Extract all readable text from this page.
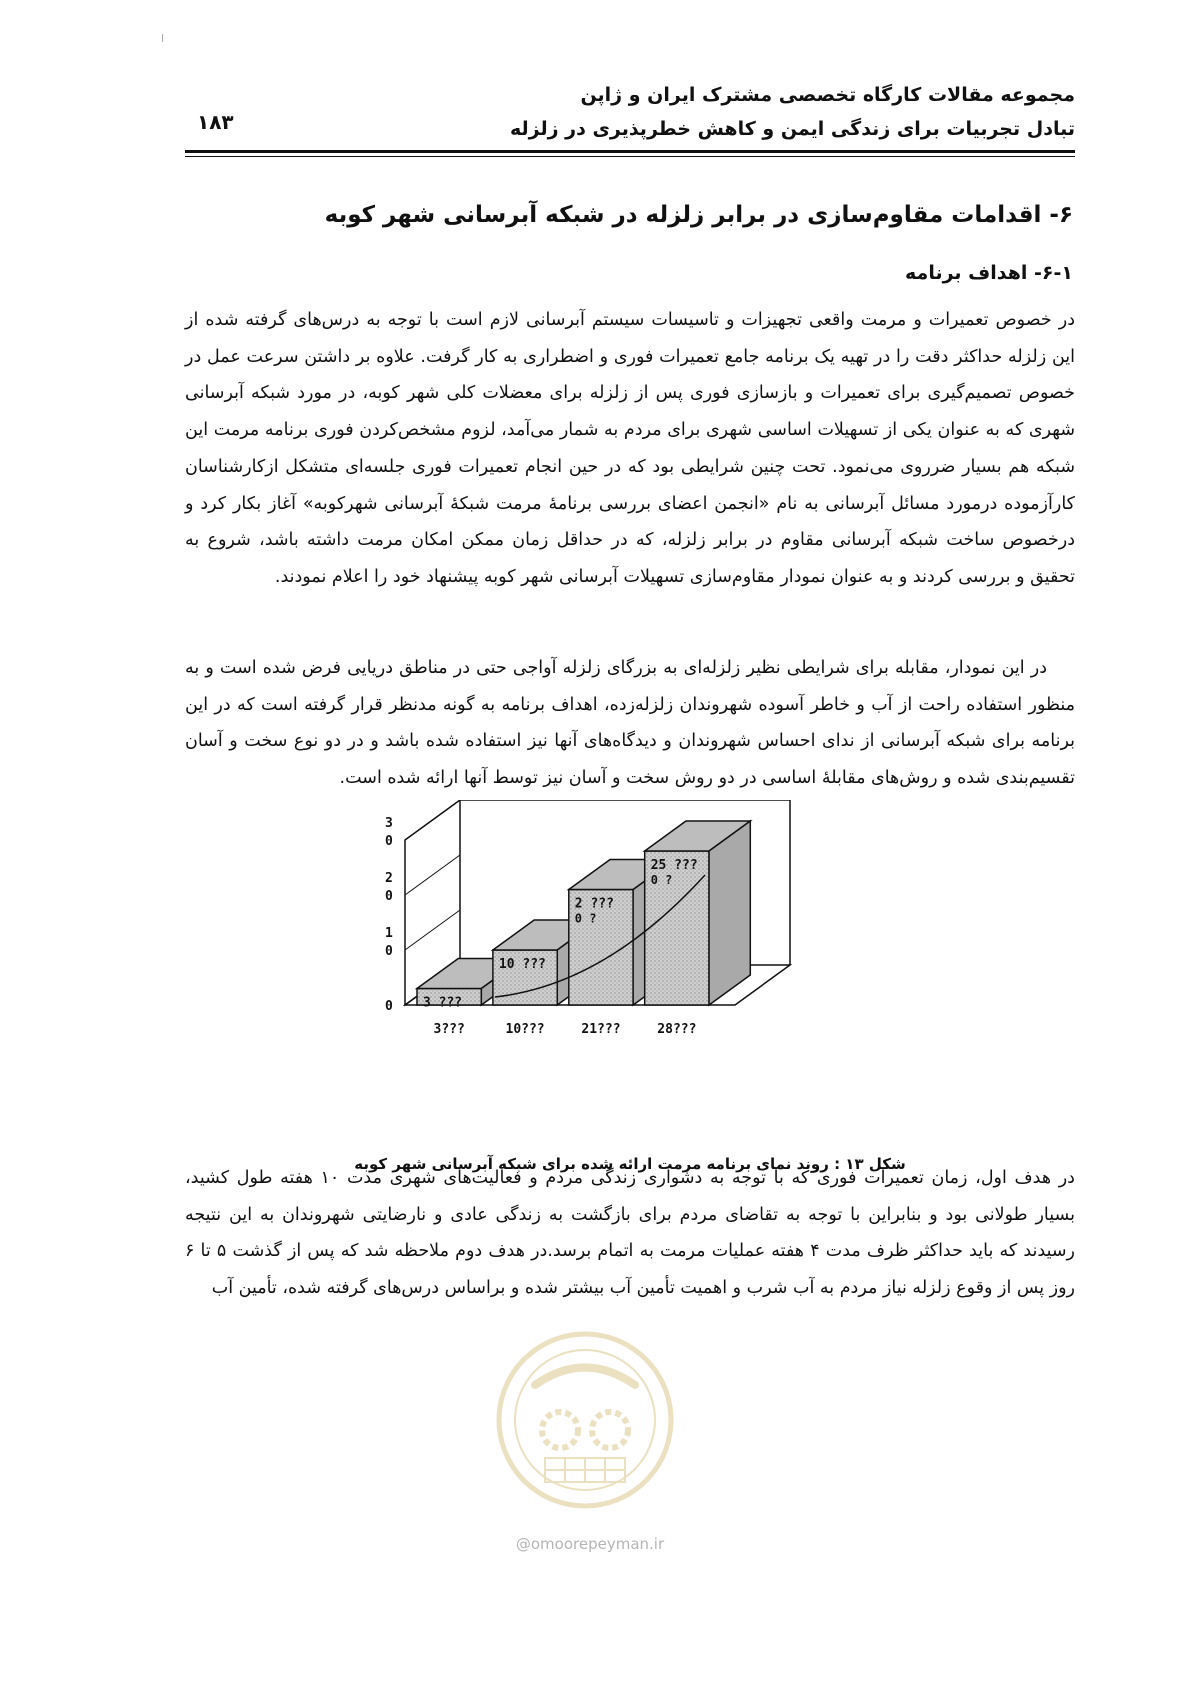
مجموعه مقالات کارگاه تخصصی مشترک ایران و ژاپن
تبادل تجربیات برای زندگی ایمن و کاهش خطرپذیری در زلزله
۱۸۳
۶- اقدامات مقاوم‌سازی در برابر زلزله در شبکه آبرسانی شهر کوبه
۶-۱- اهداف برنامه
در خصوص تعمیرات و مرمت واقعی تجهیزات و تاسیسات سیستم آبرسانی لازم است با توجه به درس‌های گرفته شده از این زلزله حداکثر دقت را در تهیه یک برنامه جامع تعمیرات فوری و اضطراری به کار گرفت. علاوه بر داشتن سرعت عمل در خصوص تصمیم‌گیری برای تعمیرات و بازسازی فوری پس از زلزله برای معضلات کلی شهر کوبه، در مورد شبکه آبرسانی شهری که به عنوان یکی از تسهیلات اساسی شهری برای مردم به شمار می‌آمد، لزوم مشخص‌کردن فوری برنامه مرمت این شبکه هم بسیار ضرروی می‌نمود. تحت چنین شرایطی بود که در حین انجام تعمیرات فوری جلسه‌ای متشکل ازکارشناسان کارآزموده درمورد مسائل آبرسانی به نام «انجمن اعضای بررسی برنامهٔ مرمت شبکهٔ آبرسانی شهرکوبه» آغاز بکار کرد و درخصوص ساخت شبکه آبرسانی مقاوم در برابر زلزله، که در حداقل زمان ممکن امکان مرمت داشته باشد، شروع به تحقیق و بررسی کردند و به عنوان نمودار مقاوم‌سازی تسهیلات آبرسانی شهر کوبه پیشنهاد خود را اعلام نمودند.
در این نمودار، مقابله برای شرایطی نظیر زلزله‌ای به بزرگای زلزله آواجی حتی در مناطق دریایی فرض شده است و به منظور استفاده راحت از آب و خاطر آسوده شهروندان زلزله‌زده، اهداف برنامه به گونه مدنظر قرار گرفته است که در این برنامه برای شبکه آبرسانی از ندای احساس شهروندان و دیدگاه‌های آنها نیز استفاده شده باشد و در دو نوع سخت و آسان تقسیم‌بندی شده و روش‌های مقابلهٔ اساسی در دو روش سخت و آسان نیز توسط آنها ارائه شده است.
0
1
0
2
0
3
0
3 ???
3???
10 ???
10???
2 ???
0 ?
21???
25 ???
0 ?
28???
شکل ۱۳ : روند نمای برنامه مرمت ارائه شده برای شبکه آبرسانی شهر کوبه
در هدف اول، زمان تعمیرات فوری که با توجه به دشواری زندگی مردم و فعالیت‌های شهری مدت ۱۰ هفته طول کشید، بسیار طولانی بود و بنابراین با توجه به تقاضای مردم برای بازگشت به زندگی عادی و نارضایتی شهروندان به این نتیجه رسیدند که باید حداکثر ظرف مدت ۴ هفته عملیات مرمت به اتمام برسد.در هدف دوم ملاحظه شد که پس از گذشت ۵ تا ۶ روز پس از وقوع زلزله نیاز مردم به آب شرب و اهمیت تأمین آب بیشتر شده و براساس درس‌های گرفته شده، تأمین آب
@omoorepeyman.ir
